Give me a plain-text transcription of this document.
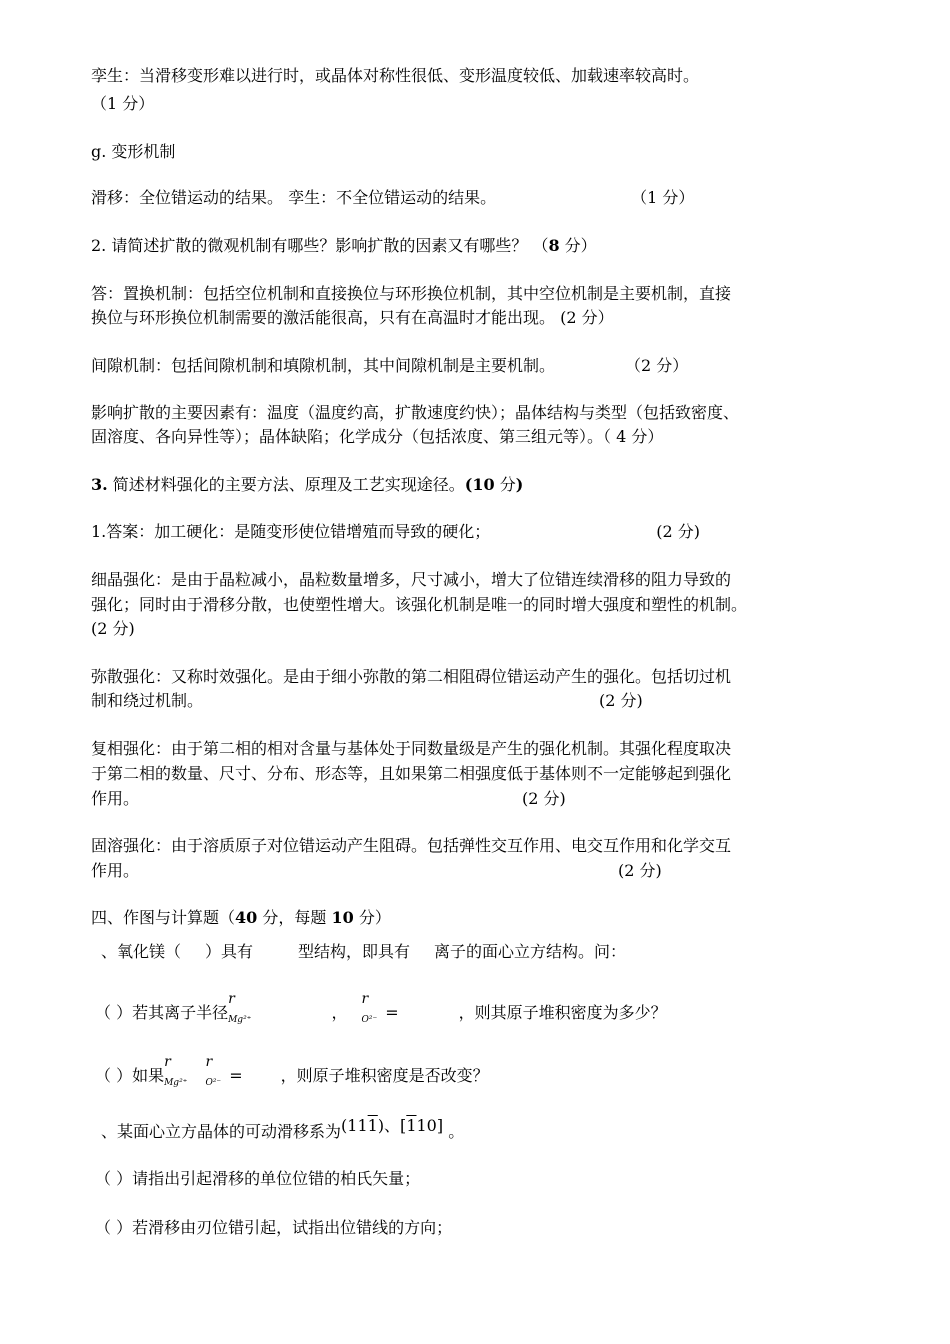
孪生：当滑移变形难以进行时，或晶体对称性很低、变形温度较低、加载速率较高时。
（1 分）
g. 变形机制
滑移：全位错运动的结果。 孪生：不全位错运动的结果。	（1 分）
2. 请简述扩散的微观机制有哪些？影响扩散的因素又有哪些？ （8 分）
答：置换机制：包括空位机制和直接换位与环形换位机制，其中空位机制是主要机制，直接
换位与环形换位机制需要的激活能很高，只有在高温时才能出现。 (2 分）
间隙机制：包括间隙机制和填隙机制，其中间隙机制是主要机制。	（2 分）
影响扩散的主要因素有：温度（温度约高，扩散速度约快）；晶体结构与类型（包括致密度、
固溶度、各向异性等）；晶体缺陷；化学成分（包括浓度、第三组元等）。（ 4 分）
3. 简述材料强化的主要方法、原理及工艺实现途径。(10 分)
1.答案：加工硬化：是随变形使位错增殖而导致的硬化；	(2 分)
细晶强化：是由于晶粒减小，晶粒数量增多，尺寸减小，增大了位错连续滑移的阻力导致的
强化；同时由于滑移分散，也使塑性增大。该强化机制是唯一的同时增大强度和塑性的机制。
(2 分)
弥散强化：又称时效强化。是由于细小弥散的第二相阻碍位错运动产生的强化。包括切过机
制和绕过机制。	(2 分)
复相强化：由于第二相的相对含量与基体处于同数量级是产生的强化机制。其强化程度取决
于第二相的数量、尺寸、分布、形态等，且如果第二相强度低于基体则不一定能够起到强化
作用。	(2 分)
固溶强化：由于溶质原子对位错运动产生阻碍。包括弹性交互作用、电交互作用和化学交互
作用。	(2 分)
四、作图与计算题（40 分，每题 10 分）
、氧化镁（ ）具有	型结构，即具有 离子的面心立方结构。问：
（ ）若其离子半径
r
$_{Mg^{2+}}$	，
r
$_{O^{2-}}$ =	，则其原子堆积密度为多少？
（ ）如果
r
$_{Mg^{2+}}$
r
$_{O^{2-}}$ = ，则原子堆积密度是否改变？
、某面心立方晶体的可动滑移系为(111)、[110] 。
（ ）请指出引起滑移的单位位错的柏氏矢量；
（ ）若滑移由刃位错引起，试指出位错线的方向；
